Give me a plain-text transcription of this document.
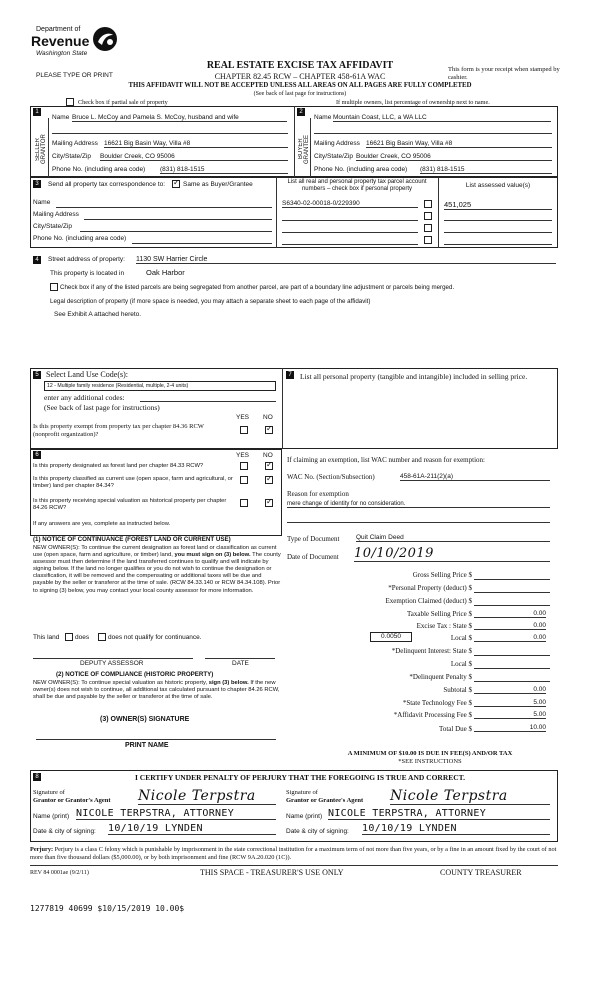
Department of
Revenue
Washington State
PLEASE TYPE OR PRINT
REAL ESTATE EXCISE TAX AFFIDAVIT
CHAPTER 82.45 RCW – CHAPTER 458-61A WAC
THIS AFFIDAVIT WILL NOT BE ACCEPTED UNLESS ALL AREAS ON ALL PAGES ARE FULLY COMPLETED
(See back of last page for instructions)
This form is your receipt when stamped by cashier.
Check box if partial sale of property	If multiple owners, list percentage of ownership next to name.
1
SELLER GRANTOR
Name Bruce L. McCoy and Pamela S. McCoy, husband and wife
Mailing Address 16621 Big Basin Way, Villa #8
City/State/Zip Boulder Creek, CO 95006
Phone No. (including area code) (831) 818-1515
2
BUYER GRANTEE
Name Mountain Coast, LLC, a WA LLC
Mailing Address 16621 Big Basin Way, Villa #8
City/State/Zip Boulder Creek, CO 95006
Phone No. (including area code) (831) 818-1515
3	Send all property tax correspondence to:
✓	Same as Buyer/Grantee
Name
Mailing Address
City/State/Zip
Phone No. (including area code)
List all real and personal property tax parcel account numbers – check box if personal property	List assessed value(s)
S6340-02-00018-0/229390	451,025
4	Street address of property: 1130 SW Harrier Circle
This property is located in	Oak Harbor
Check box if any of the listed parcels are being segregated from another parcel, are part of a boundary line adjustment or parcels being merged.
Legal description of property (if more space is needed, you may attach a separate sheet to each page of the affidavit)
See Exhibit A attached hereto.
5 Select Land Use Code(s):
12 - Multiple family residence (Residential, multiple, 2-4 units)
enter any additional codes:
(See back of last page for instructions)
YES NO
Is this property exempt from property tax per chapter 84.36 RCW (nonprofit organization)?
✓
7	List all personal property (tangible and intangible) included in selling price.
6	YES NO
Is this property designated as forest land per chapter 84.33 RCW?
✓
Is this property classified as current use (open space, farm and agricultural, or timber) land per chapter 84.34?
✓
Is this property receiving special valuation as historical property per chapter 84.26 RCW?
✓
If any answers are yes, complete as instructed below.
(1) NOTICE OF CONTINUANCE (FOREST LAND OR CURRENT USE)
NEW OWNER(S): To continue the current designation as forest land or classification as current use (open space, farm and agriculture, or timber) land, you must sign on (3) below. The county assessor must then determine if the land transferred continues to qualify and will indicate by signing below. If the land no longer qualifies or you do not wish to continue the designation or classification, it will be removed and the compensating or additional taxes will be due and payable by the seller or transferor at the time of sale. (RCW 84.33.140 or RCW 84.34.108). Prior to signing (3) below, you may contact your local county assessor for more information.
This land does	does not qualify for continuance.
DEPUTY ASSESSOR	DATE
(2) NOTICE OF COMPLIANCE (HISTORIC PROPERTY)
NEW OWNER(S): To continue special valuation as historic property, sign (3) below. If the new owner(s) does not wish to continue, all additional tax calculated pursuant to chapter 84.26 RCW, shall be due and payable by the seller or transferor at the time of sale.
(3) OWNER(S) SIGNATURE
PRINT NAME
If claiming an exemption, list WAC number and reason for exemption:
WAC No. (Section/Subsection)	458-61A-211(2)(a)
Reason for exemption
mere change of identity for no consideration.
Type of Document	Quit Claim Deed
Date of Document 10/10/2019
Gross Selling Price $
*Personal Property (deduct) $
Exemption Claimed (deduct) $
Taxable Selling Price $	0.00
Excise Tax : State $	0.00
0.0050	Local $	0.00
*Delinquent Interest: State $
Local $
*Delinquent Penalty $
Subtotal $	0.00
*State Technology Fee $	5.00
*Affidavit Processing Fee $	5.00
Total Due $	10.00
A MINIMUM OF $10.00 IS DUE IN FEE(S) AND/OR TAX
*SEE INSTRUCTIONS
8	I CERTIFY UNDER PENALTY OF PERJURY THAT THE FOREGOING IS TRUE AND CORRECT.
Signature of
Grantor or Grantor's Agent Nicole Terpstra
Name (print) NICOLE TERPSTRA, ATTORNEY
Date & city of signing: 10/10/19 LYNDEN
Signature of
Grantor or Grantee's Agent Nicole Terpstra
Name (print) NICOLE TERPSTRA, ATTORNEY
Date & city of signing: 10/10/19 LYNDEN
Perjury: Perjury is a class C felony which is punishable by imprisonment in the state correctional institution for a maximum term of not more than five years, or by a fine in an amount fixed by the court of not more than five thousand dollars ($5,000.00), or by both imprisonment and fine (RCW 9A.20.020 (1C)).
REV 84 0001ae (9/2/11)	THIS SPACE - TREASURER'S USE ONLY	COUNTY TREASURER
1277819 40699 $10/15/2019 10.00$
